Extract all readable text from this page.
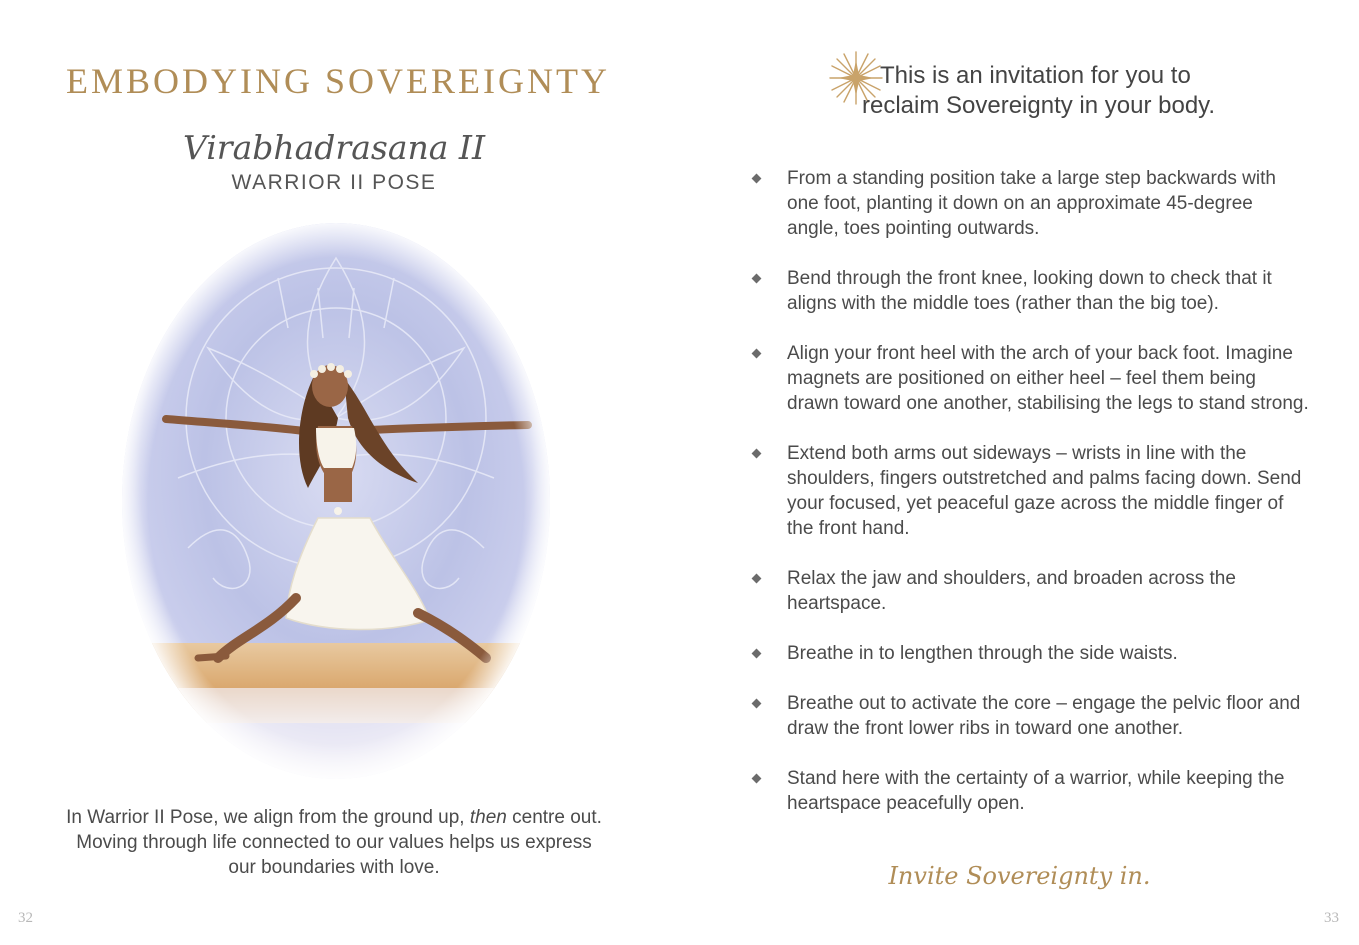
EMBODYING SOVEREIGNTY
Virabhadrasana II
WARRIOR II POSE
In Warrior II Pose, we align from the ground up, then centre out. Moving through life connected to our values helps us express our boundaries with love.
32
This is an invitation for you to
reclaim Sovereignty in your body.
From a standing position take a large step backwards with one foot, planting it down on an approximate 45-degree angle, toes pointing outwards.
Bend through the front knee, looking down to check that it aligns with the middle toes (rather than the big toe).
Align your front heel with the arch of your back foot. Imagine magnets are positioned on either heel – feel them being drawn toward one another, stabilising the legs to stand strong.
Extend both arms out sideways – wrists in line with the shoulders, fingers outstretched and palms facing down. Send your focused, yet peaceful gaze across the middle finger of the front hand.
Relax the jaw and shoulders, and broaden across the heartspace.
Breathe in to lengthen through the side waists.
Breathe out to activate the core – engage the pelvic floor and draw the front lower ribs in toward one another.
Stand here with the certainty of a warrior, while keeping the heartspace peacefully open.
Invite Sovereignty in.
33
